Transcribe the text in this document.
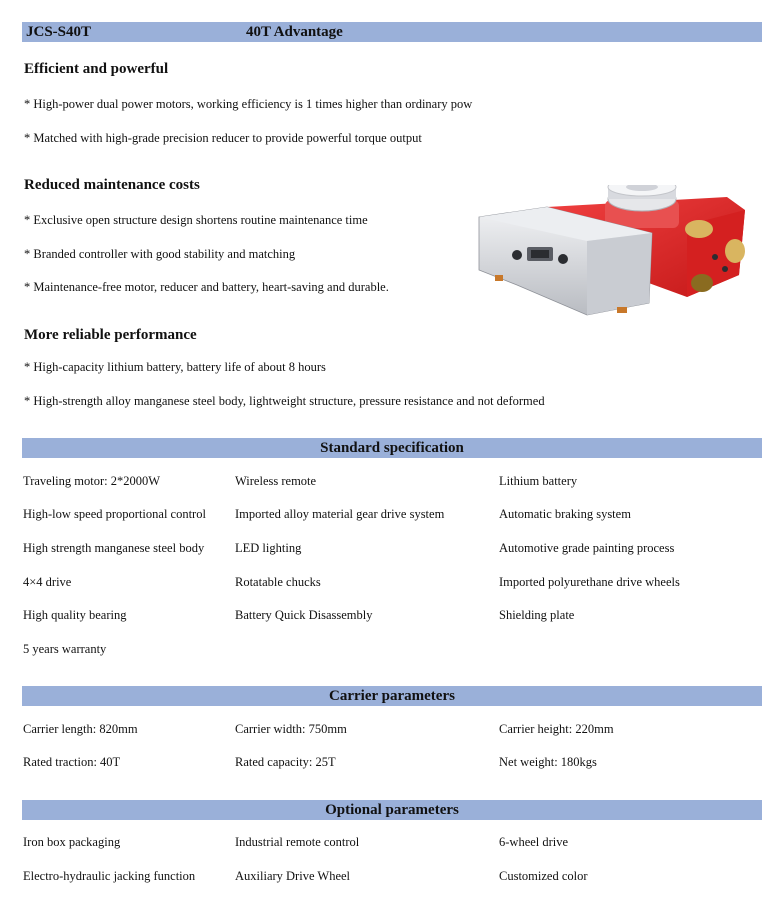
JCS-S40T	40T Advantage
Efficient and powerful
* High-power dual power motors, working efficiency is 1 times higher than ordinary pow
* Matched with high-grade precision reducer to provide powerful torque output
Reduced maintenance costs
* Exclusive open structure design shortens routine maintenance time
* Branded controller with good stability and matching
* Maintenance-free motor, reducer and battery, heart-saving and durable.
More reliable performance
* High-capacity lithium battery, battery life of about 8 hours
* High-strength alloy manganese steel body, lightweight structure, pressure resistance and not deformed
Standard specification
Traveling motor: 2*2000W	Wireless remote	Lithium battery
High-low speed proportional control	Imported alloy material gear drive system	Automatic braking system
High strength manganese steel body	LED lighting	Automotive grade painting process
4×4 drive	Rotatable chucks	Imported polyurethane drive wheels
High quality bearing	Battery Quick Disassembly	Shielding plate
5 years warranty
Carrier parameters
Carrier length: 820mm	Carrier width: 750mm	Carrier height: 220mm
Rated traction: 40T	Rated capacity: 25T	Net weight: 180kgs
Optional parameters
Iron box packaging	Industrial remote control	6-wheel drive
Electro-hydraulic jacking function	Auxiliary Drive Wheel	Customized color
